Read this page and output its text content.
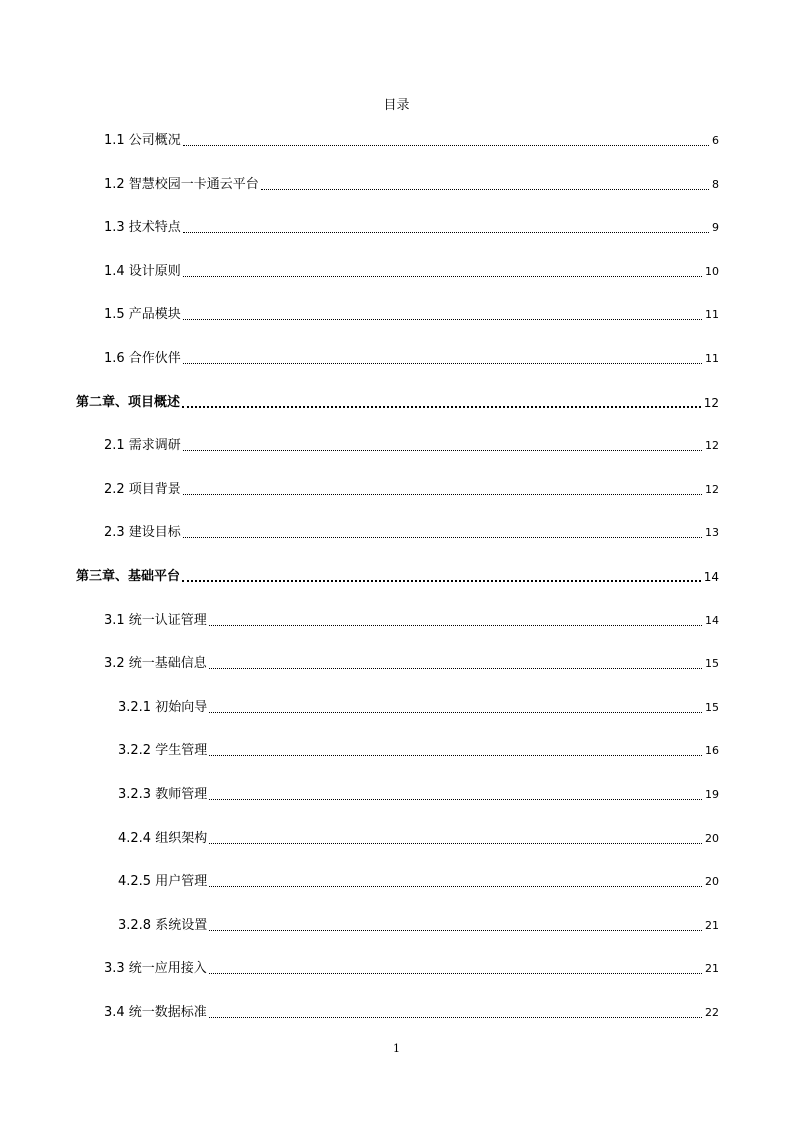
目录
1.1 公司概况	6
1.2 智慧校园一卡通云平台	8
1.3 技术特点	9
1.4 设计原则	10
1.5 产品模块	11
1.6 合作伙伴	11
第二章、项目概述	12
2.1 需求调研	12
2.2 项目背景	12
2.3 建设目标	13
第三章、基础平台	14
3.1 统一认证管理	14
3.2 统一基础信息	15
3.2.1 初始向导	15
3.2.2 学生管理	16
3.2.3 教师管理	19
4.2.4 组织架构	20
4.2.5 用户管理	20
3.2.8 系统设置	21
3.3 统一应用接入	21
3.4 统一数据标准	22
1
